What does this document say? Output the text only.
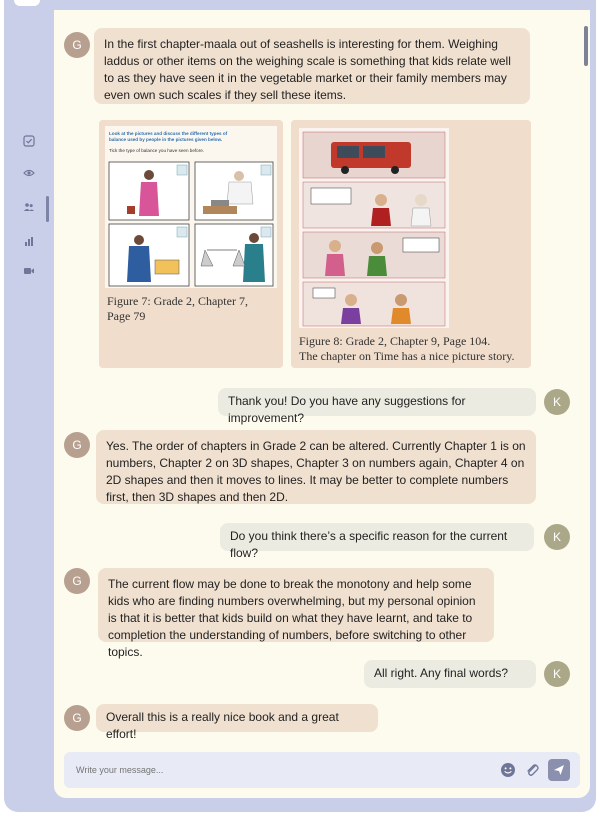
G	In the first chapter-maala out of seashells is interesting for them. Weighing laddus or other items on the weighing scale is something that kids relate well to as they have seen it in the vegetable market or their family members may even own such scales if they sell these items.
Look at the pictures and discuss the different types of
balance used by people in the pictures given below.
Tick the type of balance you have seen before.
Figure 7: Grade 2, Chapter 7,
Page 79
Figure 8: Grade 2, Chapter 9, Page 104.
The chapter on Time has a nice picture story.
Thank you! Do you have any suggestions for improvement?
K
G	Yes. The order of chapters in Grade 2 can be altered. Currently Chapter 1 is on numbers, Chapter 2 on 3D shapes, Chapter 3 on numbers again, Chapter 4 on 2D shapes and then it moves to lines. It may be better to complete numbers first, then 3D shapes and then 2D.
Do you think there’s a specific reason for the current flow?
K
G	The current flow may be done to break the monotony and help some kids who are finding numbers overwhelming, but my personal opinion is that it is better that kids build on what they have learnt, and take to completion the understanding of numbers, before switching to other topics.
All right. Any final words?	K
G	Overall this is a really nice book and a great effort!
Write your message...
